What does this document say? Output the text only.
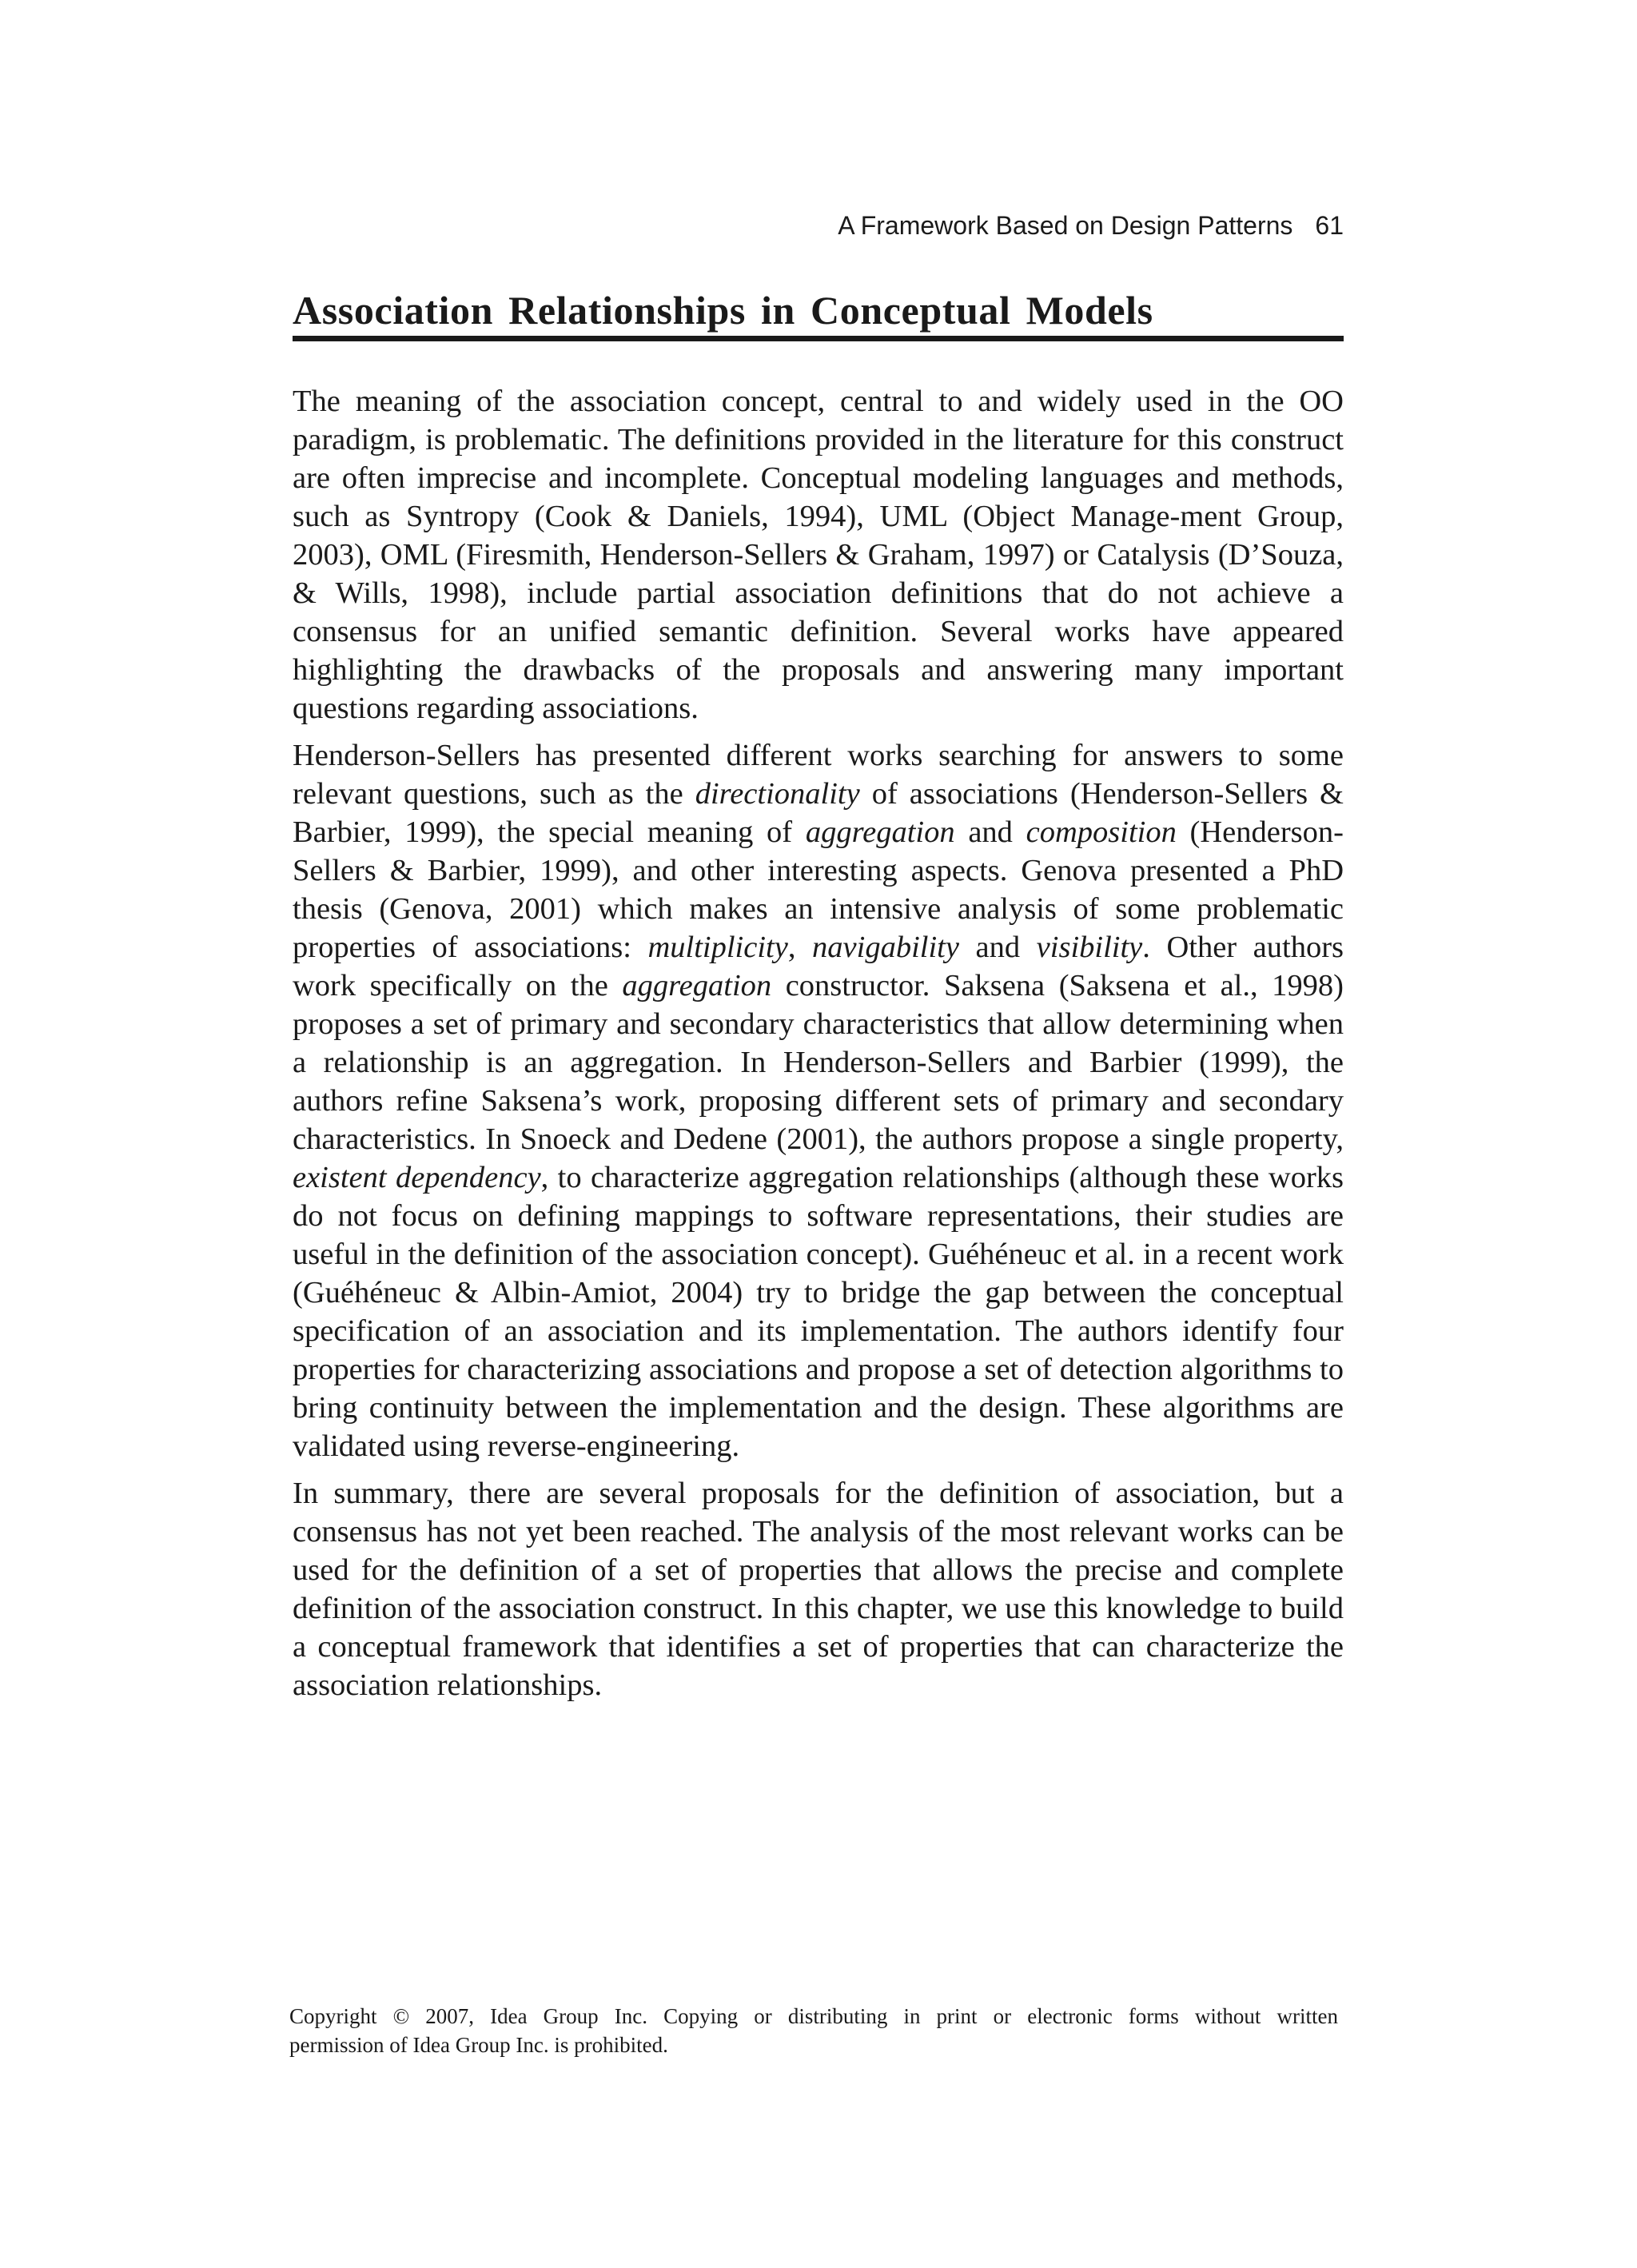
A Framework Based on Design Patterns 61
Association Relationships in Conceptual Models

The meaning of the association concept, central to and widely used in the OO paradigm, is problematic. The definitions provided in the literature for this construct are often imprecise and incomplete. Conceptual modeling languages and methods, such as Syntropy (Cook & Daniels, 1994), UML (Object Manage-ment Group, 2003), OML (Firesmith, Henderson-Sellers & Graham, 1997) or Catalysis (D’Souza, & Wills, 1998), include partial association definitions that do not achieve a consensus for an unified semantic definition. Several works have appeared highlighting the drawbacks of the proposals and answering many important questions regarding associations.

Henderson-Sellers has presented different works searching for answers to some relevant questions, such as the directionality of associations (Henderson-Sellers & Barbier, 1999), the special meaning of aggregation and composition (Henderson-Sellers & Barbier, 1999), and other interesting aspects. Genova presented a PhD thesis (Genova, 2001) which makes an intensive analysis of some problematic properties of associations: multiplicity, navigability and visibility. Other authors work specifically on the aggregation constructor. Saksena (Saksena et al., 1998) proposes a set of primary and secondary characteristics that allow determining when a relationship is an aggregation. In Henderson-Sellers and Barbier (1999), the authors refine Saksena’s work, proposing different sets of primary and secondary characteristics. In Snoeck and Dedene (2001), the authors propose a single property, existent dependency, to characterize aggregation relationships (although these works do not focus on defining mappings to software representations, their studies are useful in the definition of the association concept). Guéhéneuc et al. in a recent work (Guéhéneuc & Albin-Amiot, 2004) try to bridge the gap between the conceptual specification of an association and its implementation. The authors identify four properties for characterizing associations and propose a set of detection algorithms to bring continuity between the implementation and the design. These algorithms are validated using reverse-engineering.

In summary, there are several proposals for the definition of association, but a consensus has not yet been reached. The analysis of the most relevant works can be used for the definition of a set of properties that allows the precise and complete definition of the association construct. In this chapter, we use this knowledge to build a conceptual framework that identifies a set of properties that can characterize the association relationships.

Copyright © 2007, Idea Group Inc. Copying or distributing in print or electronic forms without written

permission of Idea Group Inc. is prohibited.
